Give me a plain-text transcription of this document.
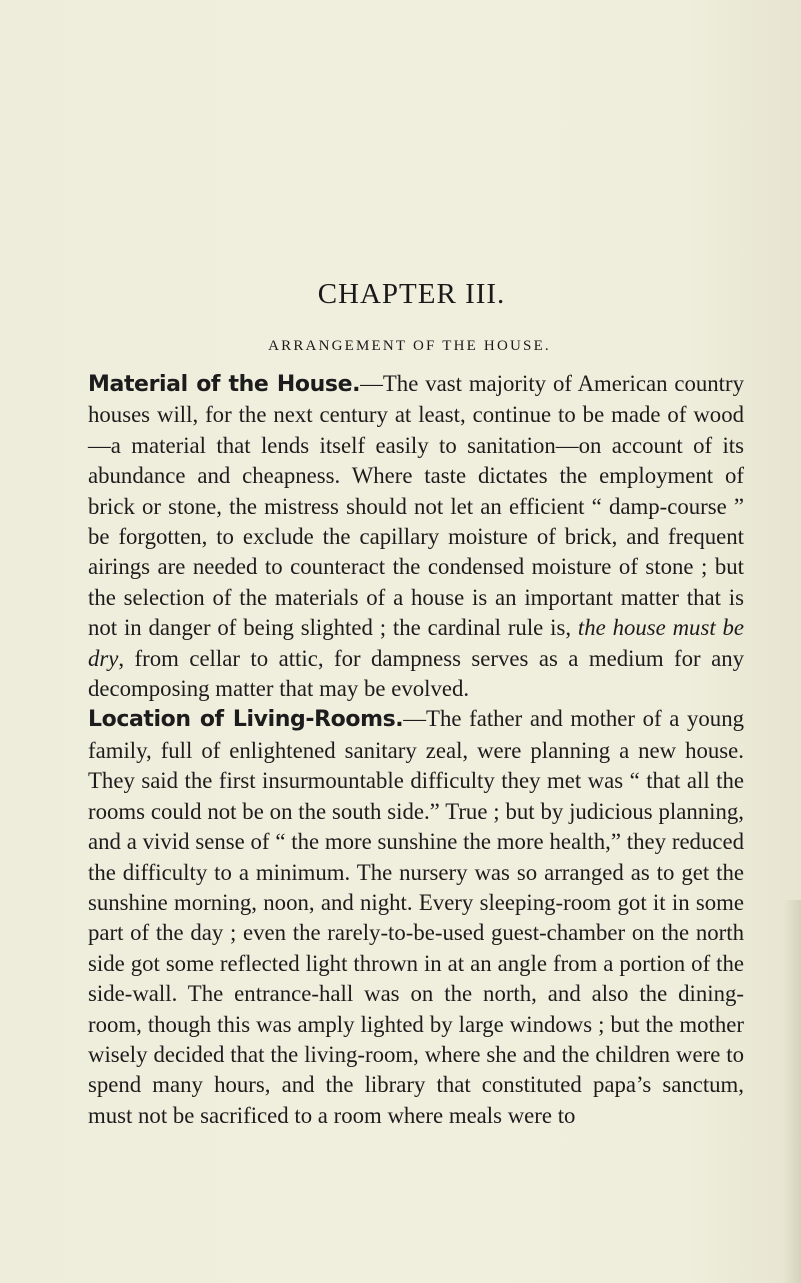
CHAPTER III.
ARRANGEMENT OF THE HOUSE.

Material of the House.—The vast majority of American country houses will, for the next century at least, continue to be made of wood—a material that lends itself easily to sanitation—on account of its abundance and cheapness. Where taste dictates the employment of brick or stone, the mistress should not let an efficient “ damp-course ” be forgotten, to exclude the capillary moisture of brick, and frequent airings are needed to counteract the condensed moisture of stone ; but the selection of the materials of a house is an important matter that is not in danger of being slighted ; the cardinal rule is, the house must be dry, from cellar to attic, for dampness serves as a medium for any decomposing matter that may be evolved.

Location of Living-Rooms.—The father and mother of a young family, full of enlightened sanitary zeal, were planning a new house. They said the first insurmountable difficulty they met was “ that all the rooms could not be on the south side.” True ; but by judicious planning, and a vivid sense of “ the more sunshine the more health,” they reduced the difficulty to a minimum. The nursery was so arranged as to get the sunshine morning, noon, and night. Every sleeping-room got it in some part of the day ; even the rarely-to-be-used guest-chamber on the north side got some reflected light thrown in at an angle from a portion of the side-wall. The entrance-hall was on the north, and also the dining-room, though this was amply lighted by large windows ; but the mother wisely decided that the living-room, where she and the children were to spend many hours, and the library that constituted papa’s sanctum, must not be sacrificed to a room where meals were to
